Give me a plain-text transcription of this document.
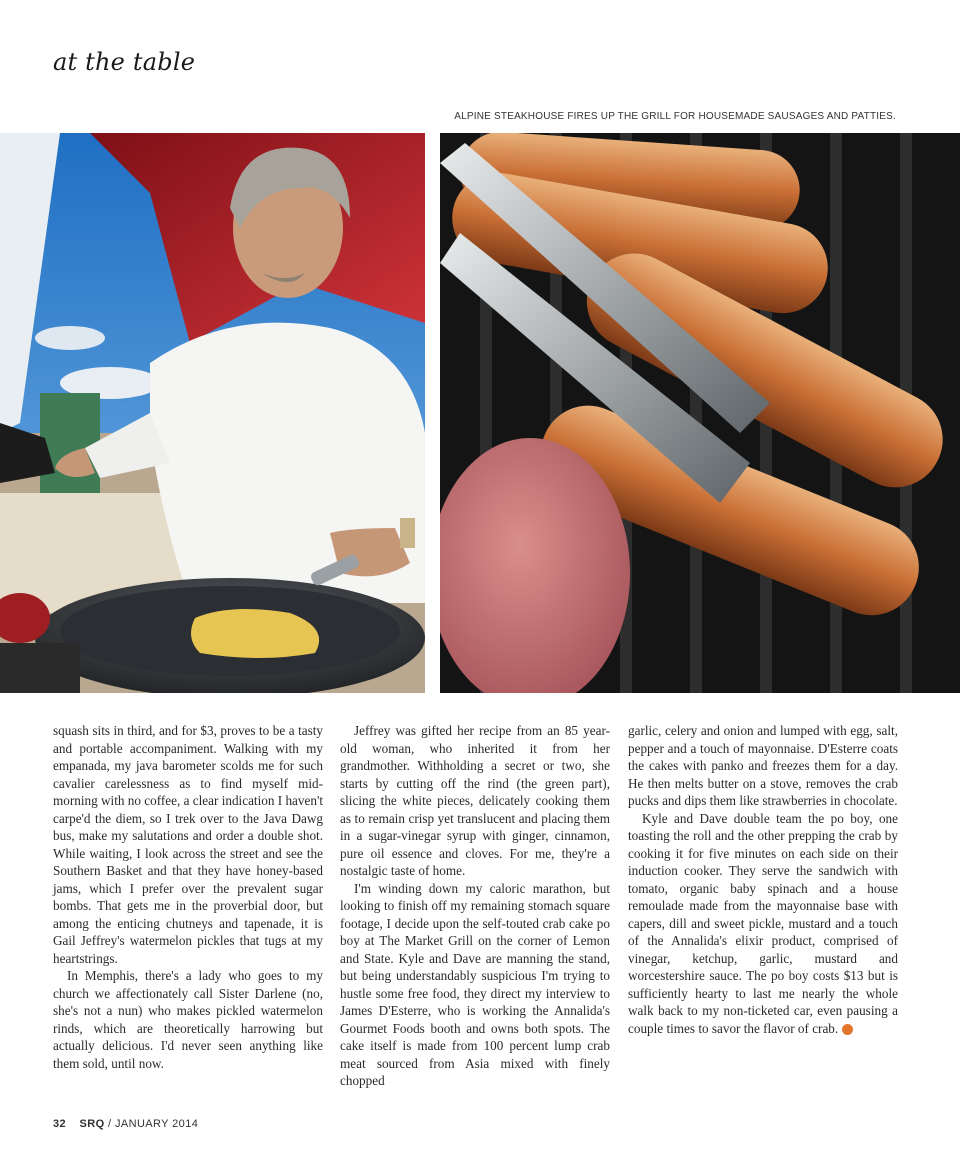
at the table
ALPINE STEAKHOUSE FIRES UP THE GRILL FOR HOUSEMADE SAUSAGES AND PATTIES.

squash sits in third, and for $3, proves to be a tasty and portable accompaniment. Walking with my empanada, my java barometer scolds me for such cavalier carelessness as to find myself mid-morning with no coffee, a clear indication I haven't carpe'd the diem, so I trek over to the Java Dawg bus, make my salutations and order a double shot. While waiting, I look across the street and see the Southern Basket and that they have honey-based jams, which I prefer over the prevalent sugar bombs. That gets me in the proverbial door, but among the enticing chutneys and tapenade, it is Gail Jeffrey's watermelon pickles that tugs at my heartstrings.

In Memphis, there's a lady who goes to my church we affectionately call Sister Darlene (no, she's not a nun) who makes pickled watermelon rinds, which are theoretically harrowing but actually delicious. I'd never seen anything like them sold, until now.

Jeffrey was gifted her recipe from an 85 year-old woman, who inherited it from her grandmother. Withholding a secret or two, she starts by cutting off the rind (the green part), slicing the white pieces, delicately cooking them as to remain crisp yet translucent and placing them in a sugar-vinegar syrup with ginger, cinnamon, pure oil essence and cloves. For me, they're a nostalgic taste of home.

I'm winding down my caloric marathon, but looking to finish off my remaining stomach square footage, I decide upon the self-touted crab cake po boy at The Market Grill on the corner of Lemon and State. Kyle and Dave are manning the stand, but being understandably suspicious I'm trying to hustle some free food, they direct my interview to James D'Esterre, who is working the Annalida's Gourmet Foods booth and owns both spots. The cake itself is made from 100 percent lump crab meat sourced from Asia mixed with finely chopped

garlic, celery and onion and lumped with egg, salt, pepper and a touch of mayonnaise. D'Esterre coats the cakes with panko and freezes them for a day. He then melts butter on a stove, removes the crab pucks and dips them like strawberries in chocolate.

Kyle and Dave double team the po boy, one toasting the roll and the other prepping the crab by cooking it for five minutes on each side on their induction cooker. They serve the sandwich with tomato, organic baby spinach and a house remoulade made from the mayonnaise base with capers, dill and sweet pickle, mustard and a touch of the Annalida's elixir product, comprised of vinegar, ketchup, garlic, mustard and worcestershire sauce. The po boy costs $13 but is sufficiently hearty to last me nearly the whole walk back to my non-ticketed car, even pausing a couple times to savor the flavor of crab. S

32 SRQ / JANUARY 2014
